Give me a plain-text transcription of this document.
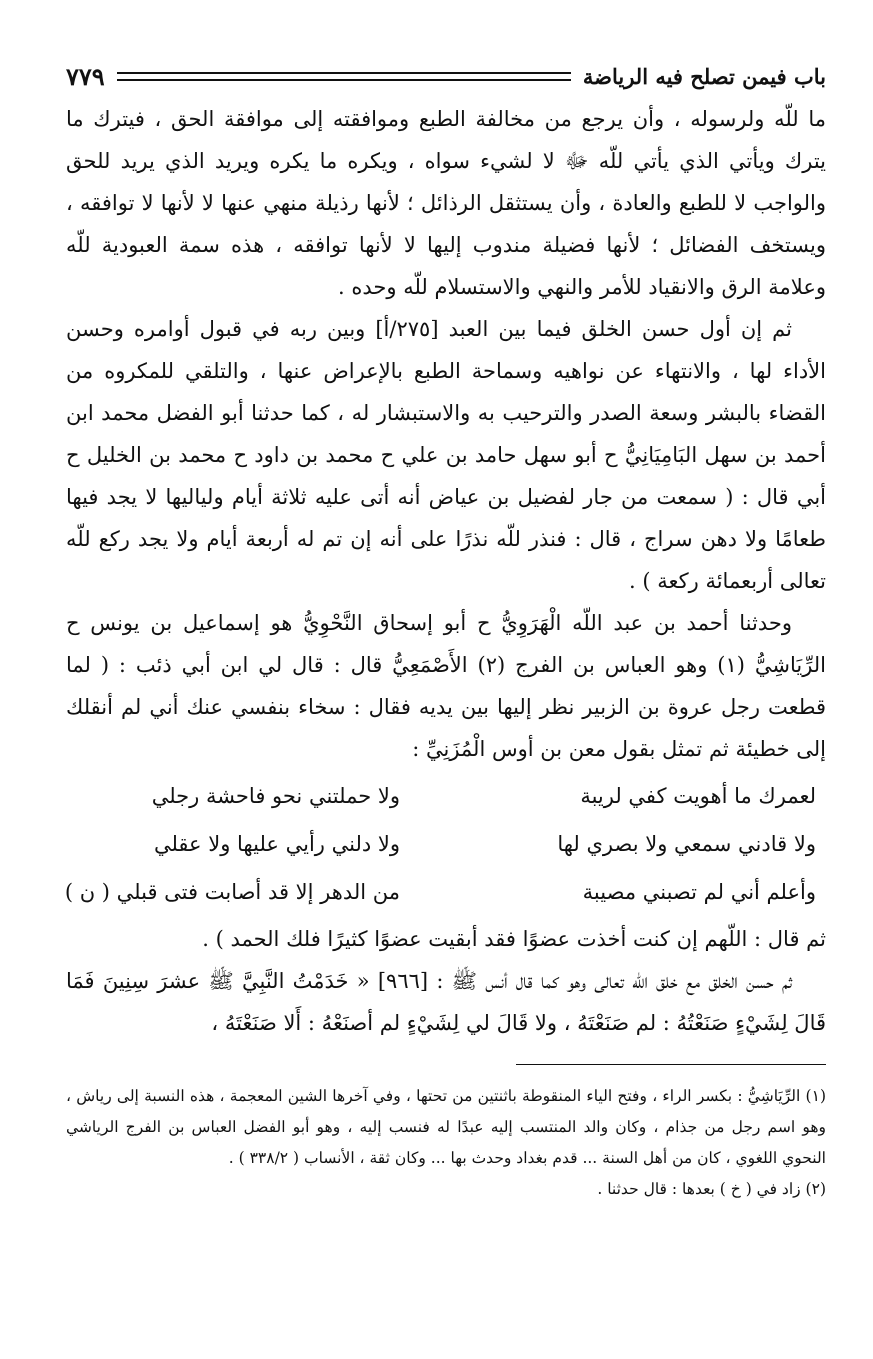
باب فيمن تصلح فيه الرياضة
٧٧٩

ما للّه ولرسوله ، وأن يرجع من مخالفة الطبع وموافقته إلى موافقة الحق ، فيترك ما يترك ويأتي الذي يأتي للّه ﷻ لا لشيء سواه ، ويكره ما يكره ويريد الذي يريد للحق والواجب لا للطبع والعادة ، وأن يستثقل الرذائل ؛ لأنها رذيلة منهي عنها لا لأنها لا توافقه ، ويستخف الفضائل ؛ لأنها فضيلة مندوب إليها لا لأنها توافقه ، هذه سمة العبودية للّه وعلامة الرق والانقياد للأمر والنهي والاستسلام للّه وحده .

ثم إن أول حسن الخلق فيما بين العبد [٢٧٥/أ] وبين ربه في قبول أوامره وحسن الأداء لها ، والانتهاء عن نواهيه وسماحة الطبع بالإعراض عنها ، والتلقي للمكروه من القضاء بالبشر وسعة الصدر والترحيب به والاستبشار له ، كما حدثنا أبو الفضل محمد ابن أحمد بن سهل البَامِيَانِيُّ ح أبو سهل حامد بن علي ح محمد بن داود ح محمد بن الخليل ح أبي قال : ( سمعت من جار لفضيل بن عياض أنه أتى عليه ثلاثة أيام ولياليها لا يجد فيها طعامًا ولا دهن سراج ، قال : فنذر للّه نذرًا على أنه إن تم له أربعة أيام ولا يجد ركع للّه تعالى أربعمائة ركعة ) .

وحدثنا أحمد بن عبد اللّه الْهَرَوِيُّ ح أبو إسحاق النَّحْوِيُّ هو إسماعيل بن يونس ح الرِّيَاشِيُّ (١) وهو العباس بن الفرج (٢) الأَصْمَعِيُّ قال : قال لي ابن أبي ذئب : ( لما قطعت رجل عروة بن الزبير نظر إليها بين يديه فقال : سخاء بنفسي عنك أني لم أنقلك إلى خطيئة ثم تمثل بقول معن بن أوس الْمُزَنِيِّ :

لعمرك ما أهويت كفي لريبة
ولا حملتني نحو فاحشة رجلي
ولا قادني سمعي ولا بصري لها
ولا دلني رأيي عليها ولا عقلي
وأعلم أني لم تصبني مصيبة
من الدهر إلا قد أصابت فتى قبلي ( ن )

ثم قال : اللّهم إن كنت أخذت عضوًا فقد أبقيت عضوًا كثيرًا فلك الحمد ) .

ثم حسن الخلق مع خلق اللّه تعالى وهو كما قال أنس ﷺ : [٩٦٦] « خَدَمْتُ النَّبِيَّ ﷺ عشرَ سِنِينَ فَمَا قَالَ لِشَيْءٍ صَنَعْتُهُ : لم صَنَعْتَهُ ، ولا قَالَ لي لِشَيْءٍ لم أصنَعْهُ : أَلا صَنَعْتَهُ ،

(١) الرِّيَاشِيُّ : بكسر الراء ، وفتح الياء المنقوطة باثنتين من تحتها ، وفي آخرها الشين المعجمة ، هذه النسبة إلى رياش ، وهو اسم رجل من جذام ، وكان والد المنتسب إليه عبدًا له فنسب إليه ، وهو أبو الفضل العباس بن الفرج الرياشي النحوي اللغوي ، كان من أهل السنة ... قدم بغداد وحدث بها ... وكان ثقة ، الأنساب ( ٣٣٨/٢ ) .

(٢) زاد في ( خ ) بعدها : قال حدثنا .
